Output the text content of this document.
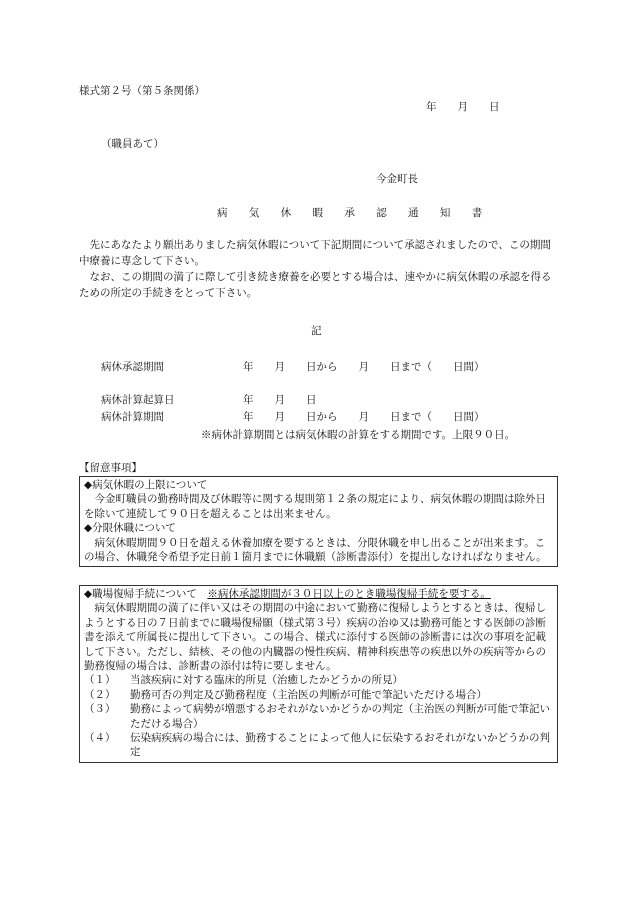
様式第２号（第５条関係）
年　　月　　日
（職員あて）
今金町長
病 気 休 暇 承 認 通 知 書
先にあなたより願出ありました病気休暇について下記期間について承認されましたので、この期間中療養に専念して下さい。
なお、この期間の満了に際して引き続き療養を必要とする場合は、速やかに病気休暇の承認を得るための所定の手続きをとって下さい。
記
病休承認期間	年　　月　　日から　　月　　日まで（　　日間）
病休計算起算日	年　　月　　日
病休計算期間	年　　月　　日から　　月　　日まで（　　日間）
※病休計算期間とは病気休暇の計算をする期間です。上限９０日。
【留意事項】
◆病気休暇の上限について
今金町職員の勤務時間及び休暇等に関する規則第１２条の規定により、病気休暇の期間は除外日を除いて連続して９０日を超えることは出来ません。
◆分限休職について
病気休暇期間９０日を超える休養加療を要するときは、分限休職を申し出ることが出来ます。この場合、休職発令希望予定日前１箇月までに休職願（診断書添付）を提出しなければなりません。
◆職場復帰手続について　※病休承認期間が３０日以上のとき職場復帰手続を要する。
病気休暇期間の満了に伴い又はその期間の中途において勤務に復帰しようとするときは、復帰しようとする日の７日前までに職場復帰願（様式第３号）疾病の治ゆ又は勤務可能とする医師の診断書を添えて所属長に提出して下さい。この場合、様式に添付する医師の診断書には次の事項を記載して下さい。ただし、結核、その他の内臓器の慢性疾病、精神科疾患等の疾患以外の疾病等からの勤務復帰の場合は、診断書の添付は特に要しません。
（１）	当該疾病に対する臨床的所見（治癒したかどうかの所見）
（２）	勤務可否の判定及び勤務程度（主治医の判断が可能で筆記いただける場合）
（３）	勤務によって病勢が増悪するおそれがないかどうかの判定（主治医の判断が可能で筆記いただける場合）
（４）	伝染病疾病の場合には、勤務することによって他人に伝染するおそれがないかどうかの判定
